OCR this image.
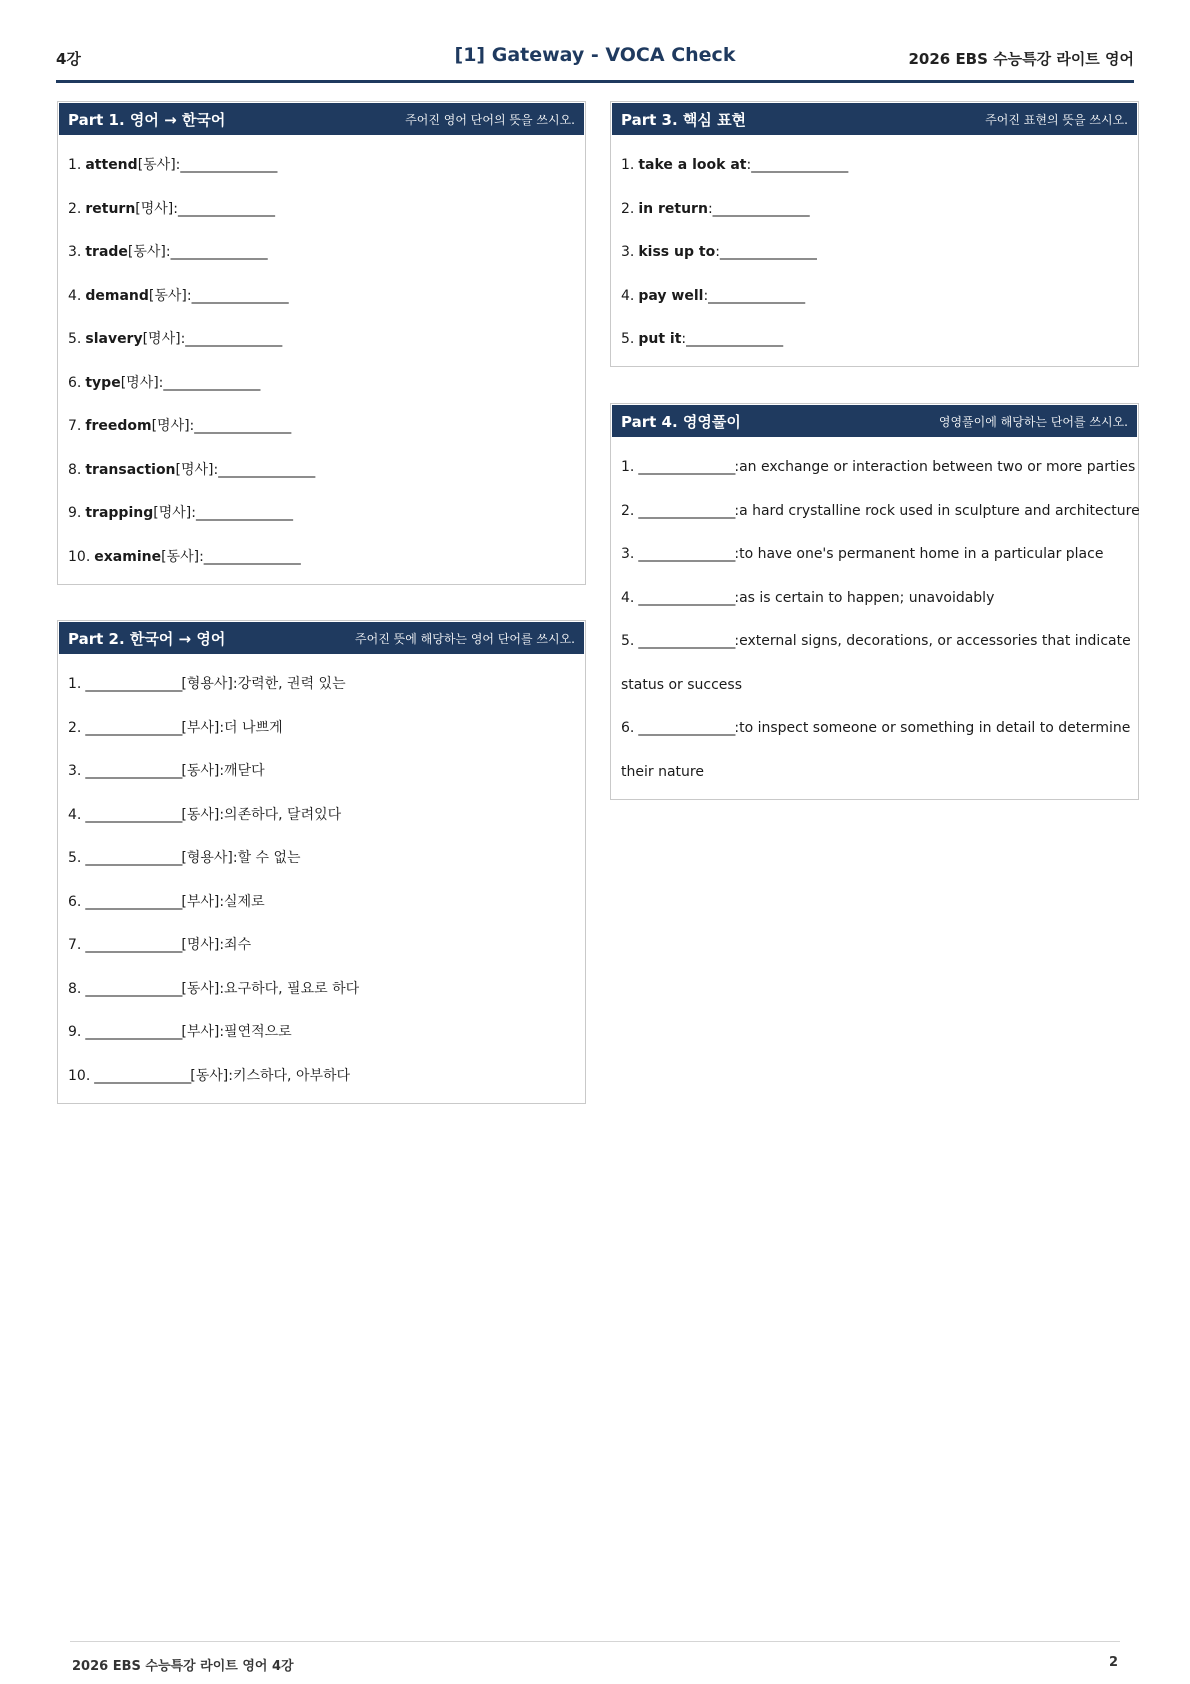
4강	[1] Gateway - VOCA Check	2026 EBS 수능특강 라이트 영어
Part 1. 영어 → 한국어	주어진 영어 단어의 뜻을 쓰시오.
1. attend[동사]:________________
2. return[명사]:________________
3. trade[동사]:________________
4. demand[동사]:________________
5. slavery[명사]:________________
6. type[명사]:________________
7. freedom[명사]:________________
8. transaction[명사]:________________
9. trapping[명사]:________________
10. examine[동사]:________________
Part 2. 한국어 → 영어	주어진 뜻에 해당하는 영어 단어를 쓰시오.
1. ________________[형용사]:강력한, 권력 있는
2. ________________[부사]:더 나쁘게
3. ________________[동사]:깨닫다
4. ________________[동사]:의존하다, 달려있다
5. ________________[형용사]:할 수 없는
6. ________________[부사]:실제로
7. ________________[명사]:죄수
8. ________________[동사]:요구하다, 필요로 하다
9. ________________[부사]:필연적으로
10. ________________[동사]:키스하다, 아부하다
Part 3. 핵심 표현	주어진 표현의 뜻을 쓰시오.
1. take a look at:________________
2. in return:________________
3. kiss up to:________________
4. pay well:________________
5. put it:________________
Part 4. 영영풀이	영영풀이에 해당하는 단어를 쓰시오.
1. ________________:an exchange or interaction between two or more parties
2. ________________:a hard crystalline rock used in sculpture and architecture
3. ________________:to have one's permanent home in a particular place
4. ________________:as is certain to happen; unavoidably
5. ________________:external signs, decorations, or accessories that indicate
status or success
6. ________________:to inspect someone or something in detail to determine
their nature
2026 EBS 수능특강 라이트 영어 4강	2
